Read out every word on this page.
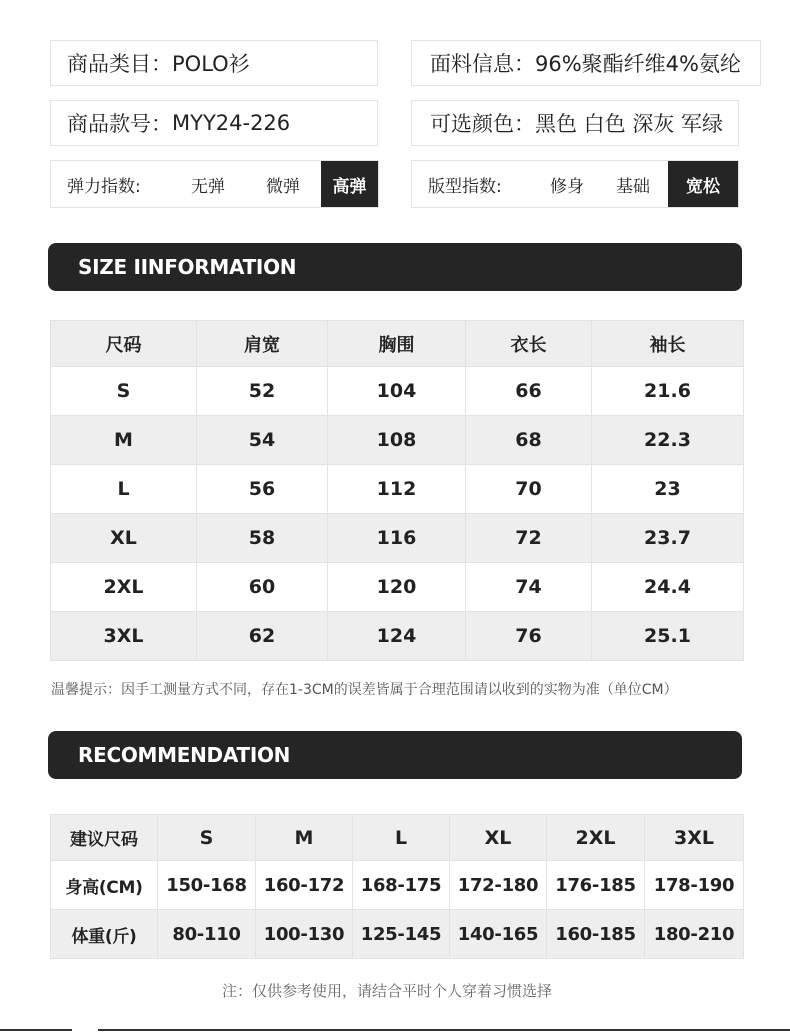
商品类目： POLO衫	面料信息： 96%聚酯纤维4%氨纶
商品款号： MYY24-226	可选颜色： 黑色 白色 深灰 军绿
弹力指数:	无弹	微弹	高弹	版型指数:	修身	基础	宽松
SIZE IINFORMATION
尺码	肩宽	胸围	衣长	袖长
S	52	104	66	21.6
M	54	108	68	22.3
L	56	112	70	23
XL	58	116	72	23.7
2XL	60	120	74	24.4
3XL	62	124	76	25.1
温馨提示：因手工测量方式不同，存在1-3CM的误差皆属于合理范围请以收到的实物为准（单位CM）
RECOMMENDATION
建议尺码	S	M	L	XL	2XL	3XL
身高(CM)	150-168	160-172	168-175	172-180	176-185	178-190
体重(斤)	80-110	100-130	125-145	140-165	160-185	180-210
注：仅供参考使用，请结合平时个人穿着习惯选择
